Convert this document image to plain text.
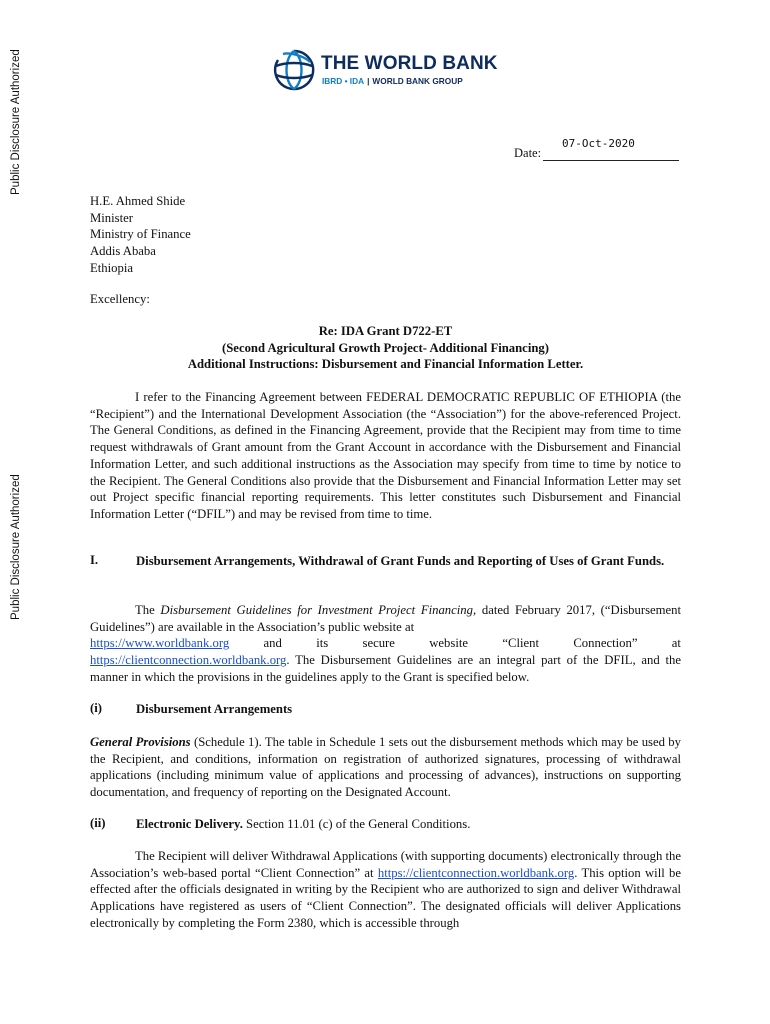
Public Disclosure Authorized
Public Disclosure Authorized
THE WORLD BANK
IBRD • IDA | WORLD BANK GROUP
Date:
07-Oct-2020
H.E. Ahmed Shide
Minister
Ministry of Finance
Addis Ababa
Ethiopia
Excellency:
Re: IDA Grant D722-ET
(Second Agricultural Growth Project- Additional Financing)
Additional Instructions: Disbursement and Financial Information Letter.
I refer to the Financing Agreement between FEDERAL DEMOCRATIC REPUBLIC OF ETHIOPIA (the “Recipient”) and the International Development Association (the “Association”) for the above-referenced Project. The General Conditions, as defined in the Financing Agreement, provide that the Recipient may from time to time request withdrawals of Grant amount from the Grant Account in accordance with the Disbursement and Financial Information Letter, and such additional instructions as the Association may specify from time to time by notice to the Recipient. The General Conditions also provide that the Disbursement and Financial Information Letter may set out Project specific financial reporting requirements. This letter constitutes such Disbursement and Financial Information Letter (“DFIL”) and may be revised from time to time.
I.	Disbursement Arrangements, Withdrawal of Grant Funds and Reporting of Uses of Grant Funds.
The Disbursement Guidelines for Investment Project Financing, dated February 2017, (“Disbursement Guidelines”) are available in the Association’s public website at
https://www.worldbank.org	and	its	secure	website	“Client	Connection”	at
https://clientconnection.worldbank.org. The Disbursement Guidelines are an integral part of the DFIL, and the manner in which the provisions in the guidelines apply to the Grant is specified below.
(i)	Disbursement Arrangements
General Provisions (Schedule 1). The table in Schedule 1 sets out the disbursement methods which may be used by the Recipient, and conditions, information on registration of authorized signatures, processing of withdrawal applications (including minimum value of applications and processing of advances), instructions on supporting documentation, and frequency of reporting on the Designated Account.
(ii) Electronic Delivery. Section 11.01 (c) of the General Conditions.
The Recipient will deliver Withdrawal Applications (with supporting documents) electronically through the Association’s web-based portal “Client Connection” at https://clientconnection.worldbank.org. This option will be effected after the officials designated in writing by the Recipient who are authorized to sign and deliver Withdrawal Applications have registered as users of “Client Connection”. The designated officials will deliver Applications electronically by completing the Form 2380, which is accessible through
